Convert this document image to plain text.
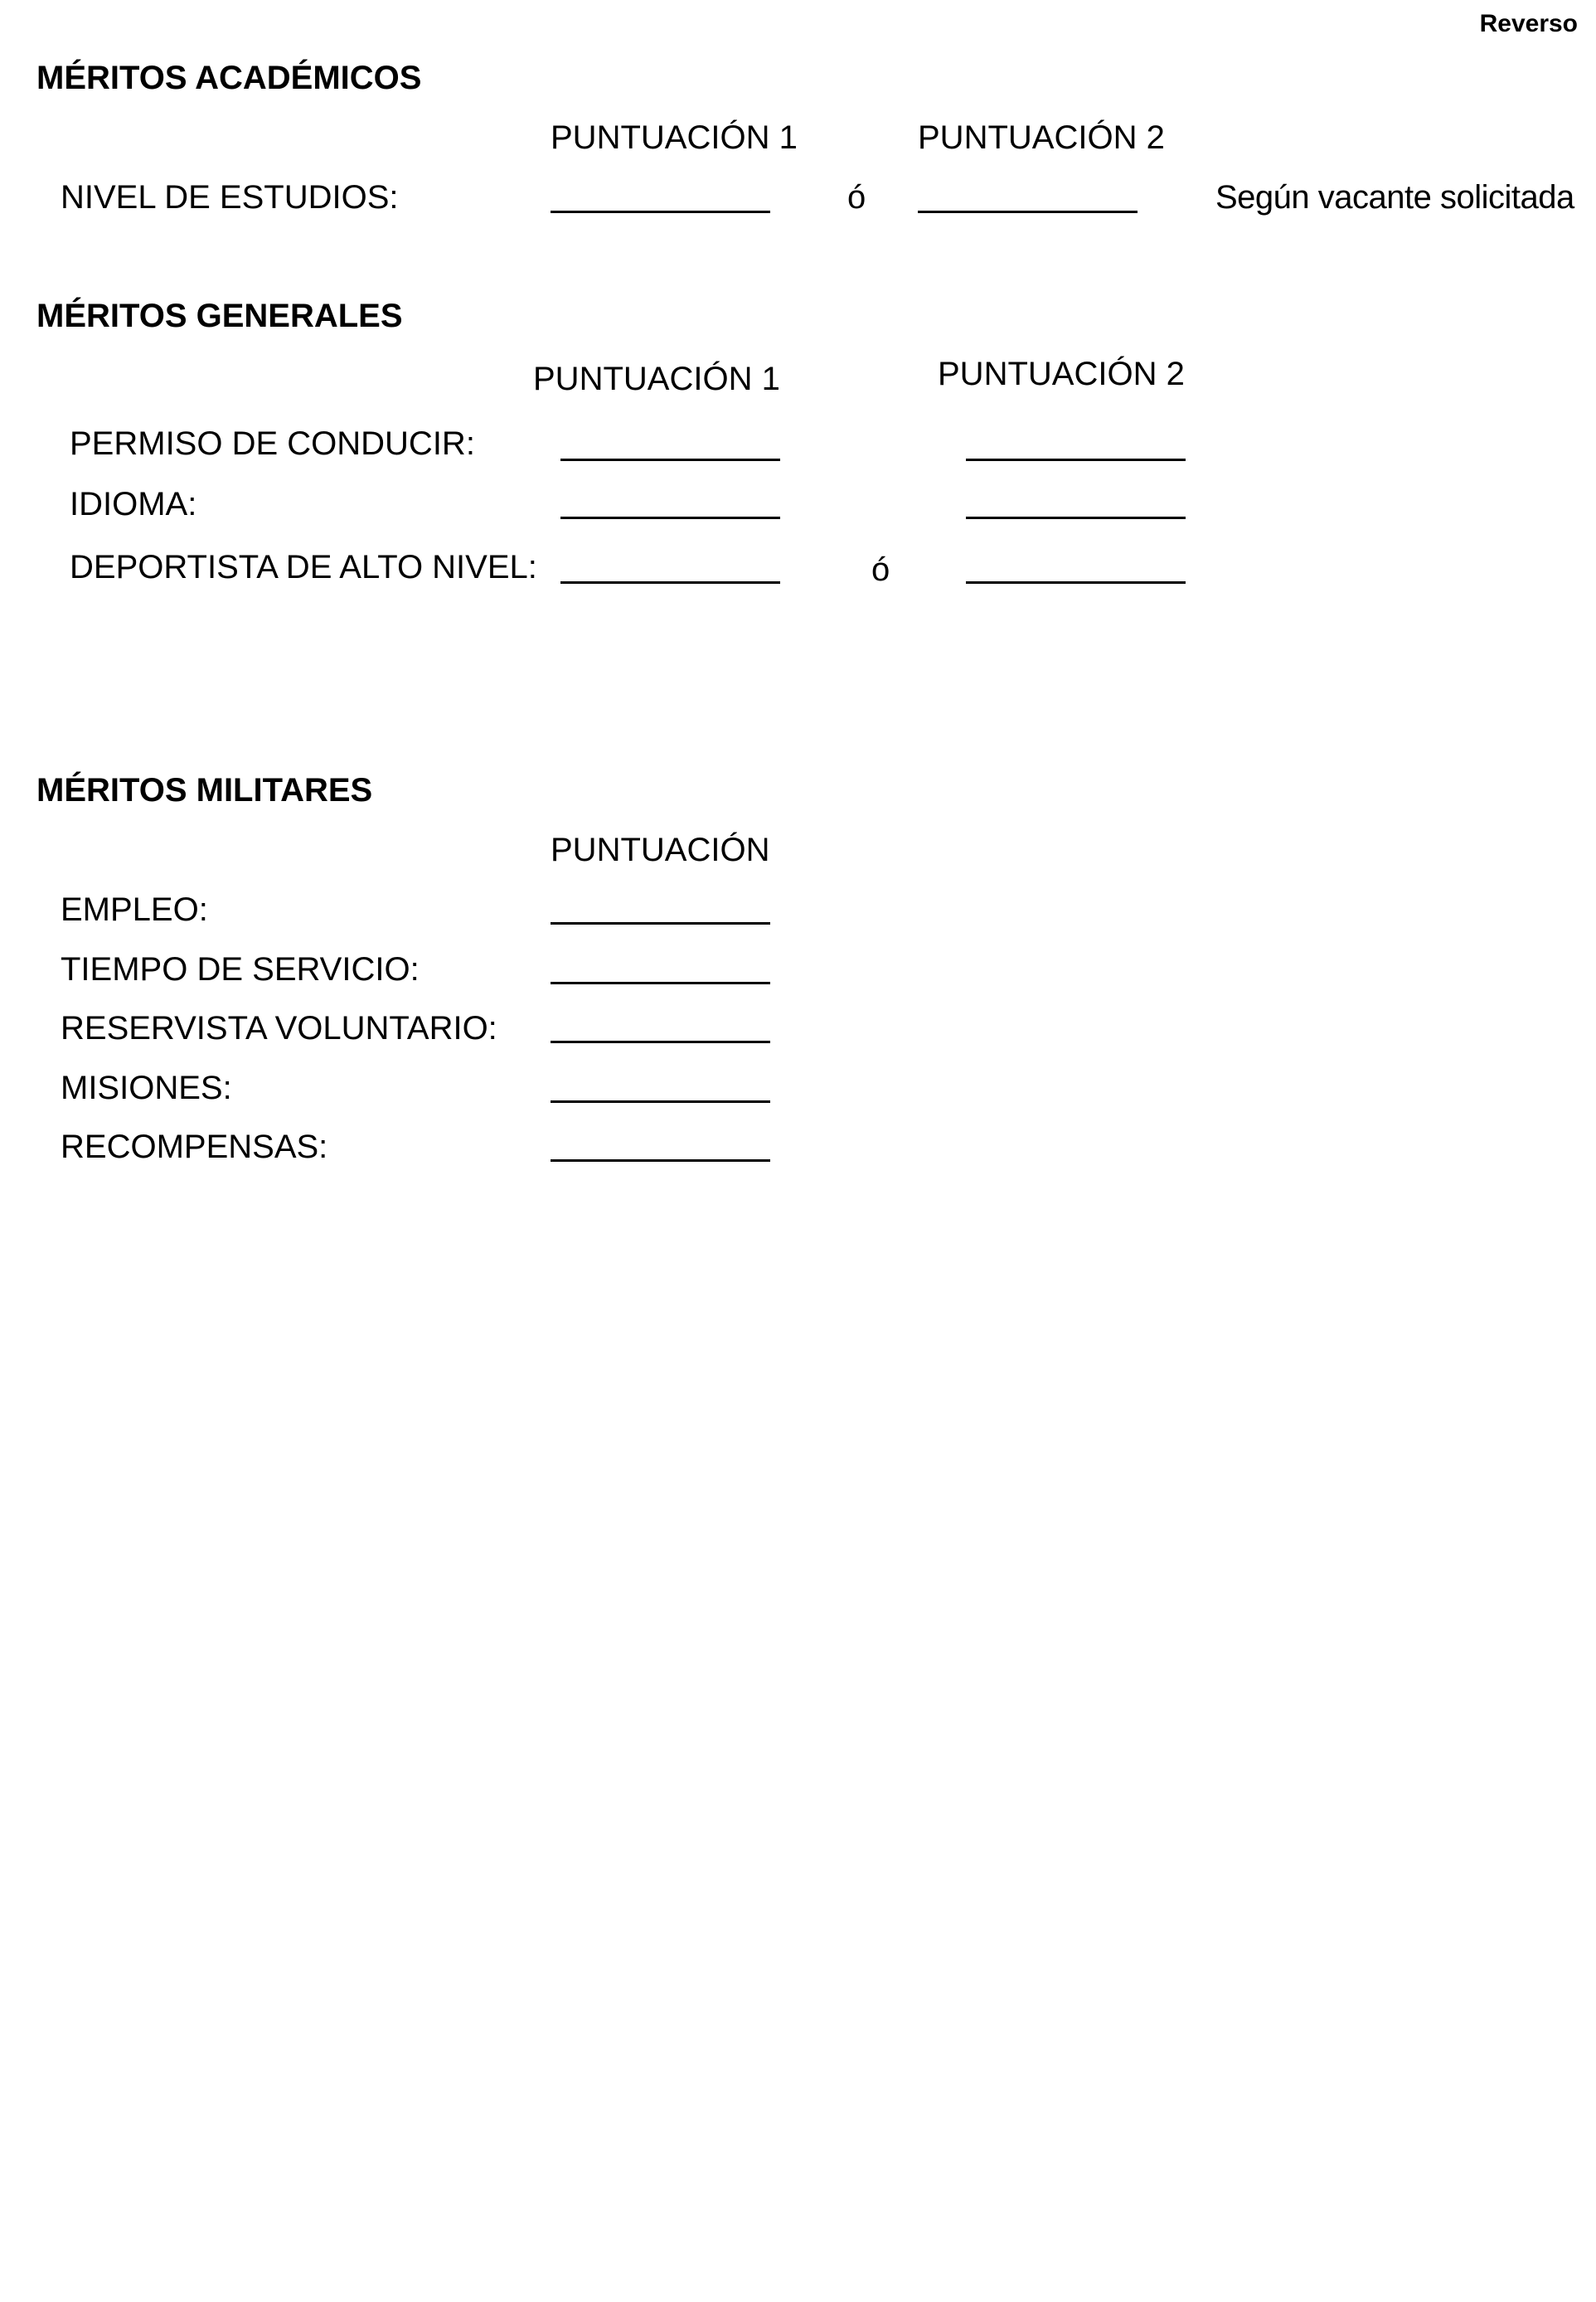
Reverso
MÉRITOS ACADÉMICOS
PUNTUACIÓN 1	PUNTUACIÓN 2
NIVEL DE ESTUDIOS:	ó	Según vacante solicitada
MÉRITOS GENERALES
PUNTUACIÓN 1	PUNTUACIÓN 2
PERMISO DE CONDUCIR:
IDIOMA:
DEPORTISTA DE ALTO NIVEL:	ó
MÉRITOS MILITARES
PUNTUACIÓN
EMPLEO:
TIEMPO DE SERVICIO:
RESERVISTA VOLUNTARIO:
MISIONES:
RECOMPENSAS:
